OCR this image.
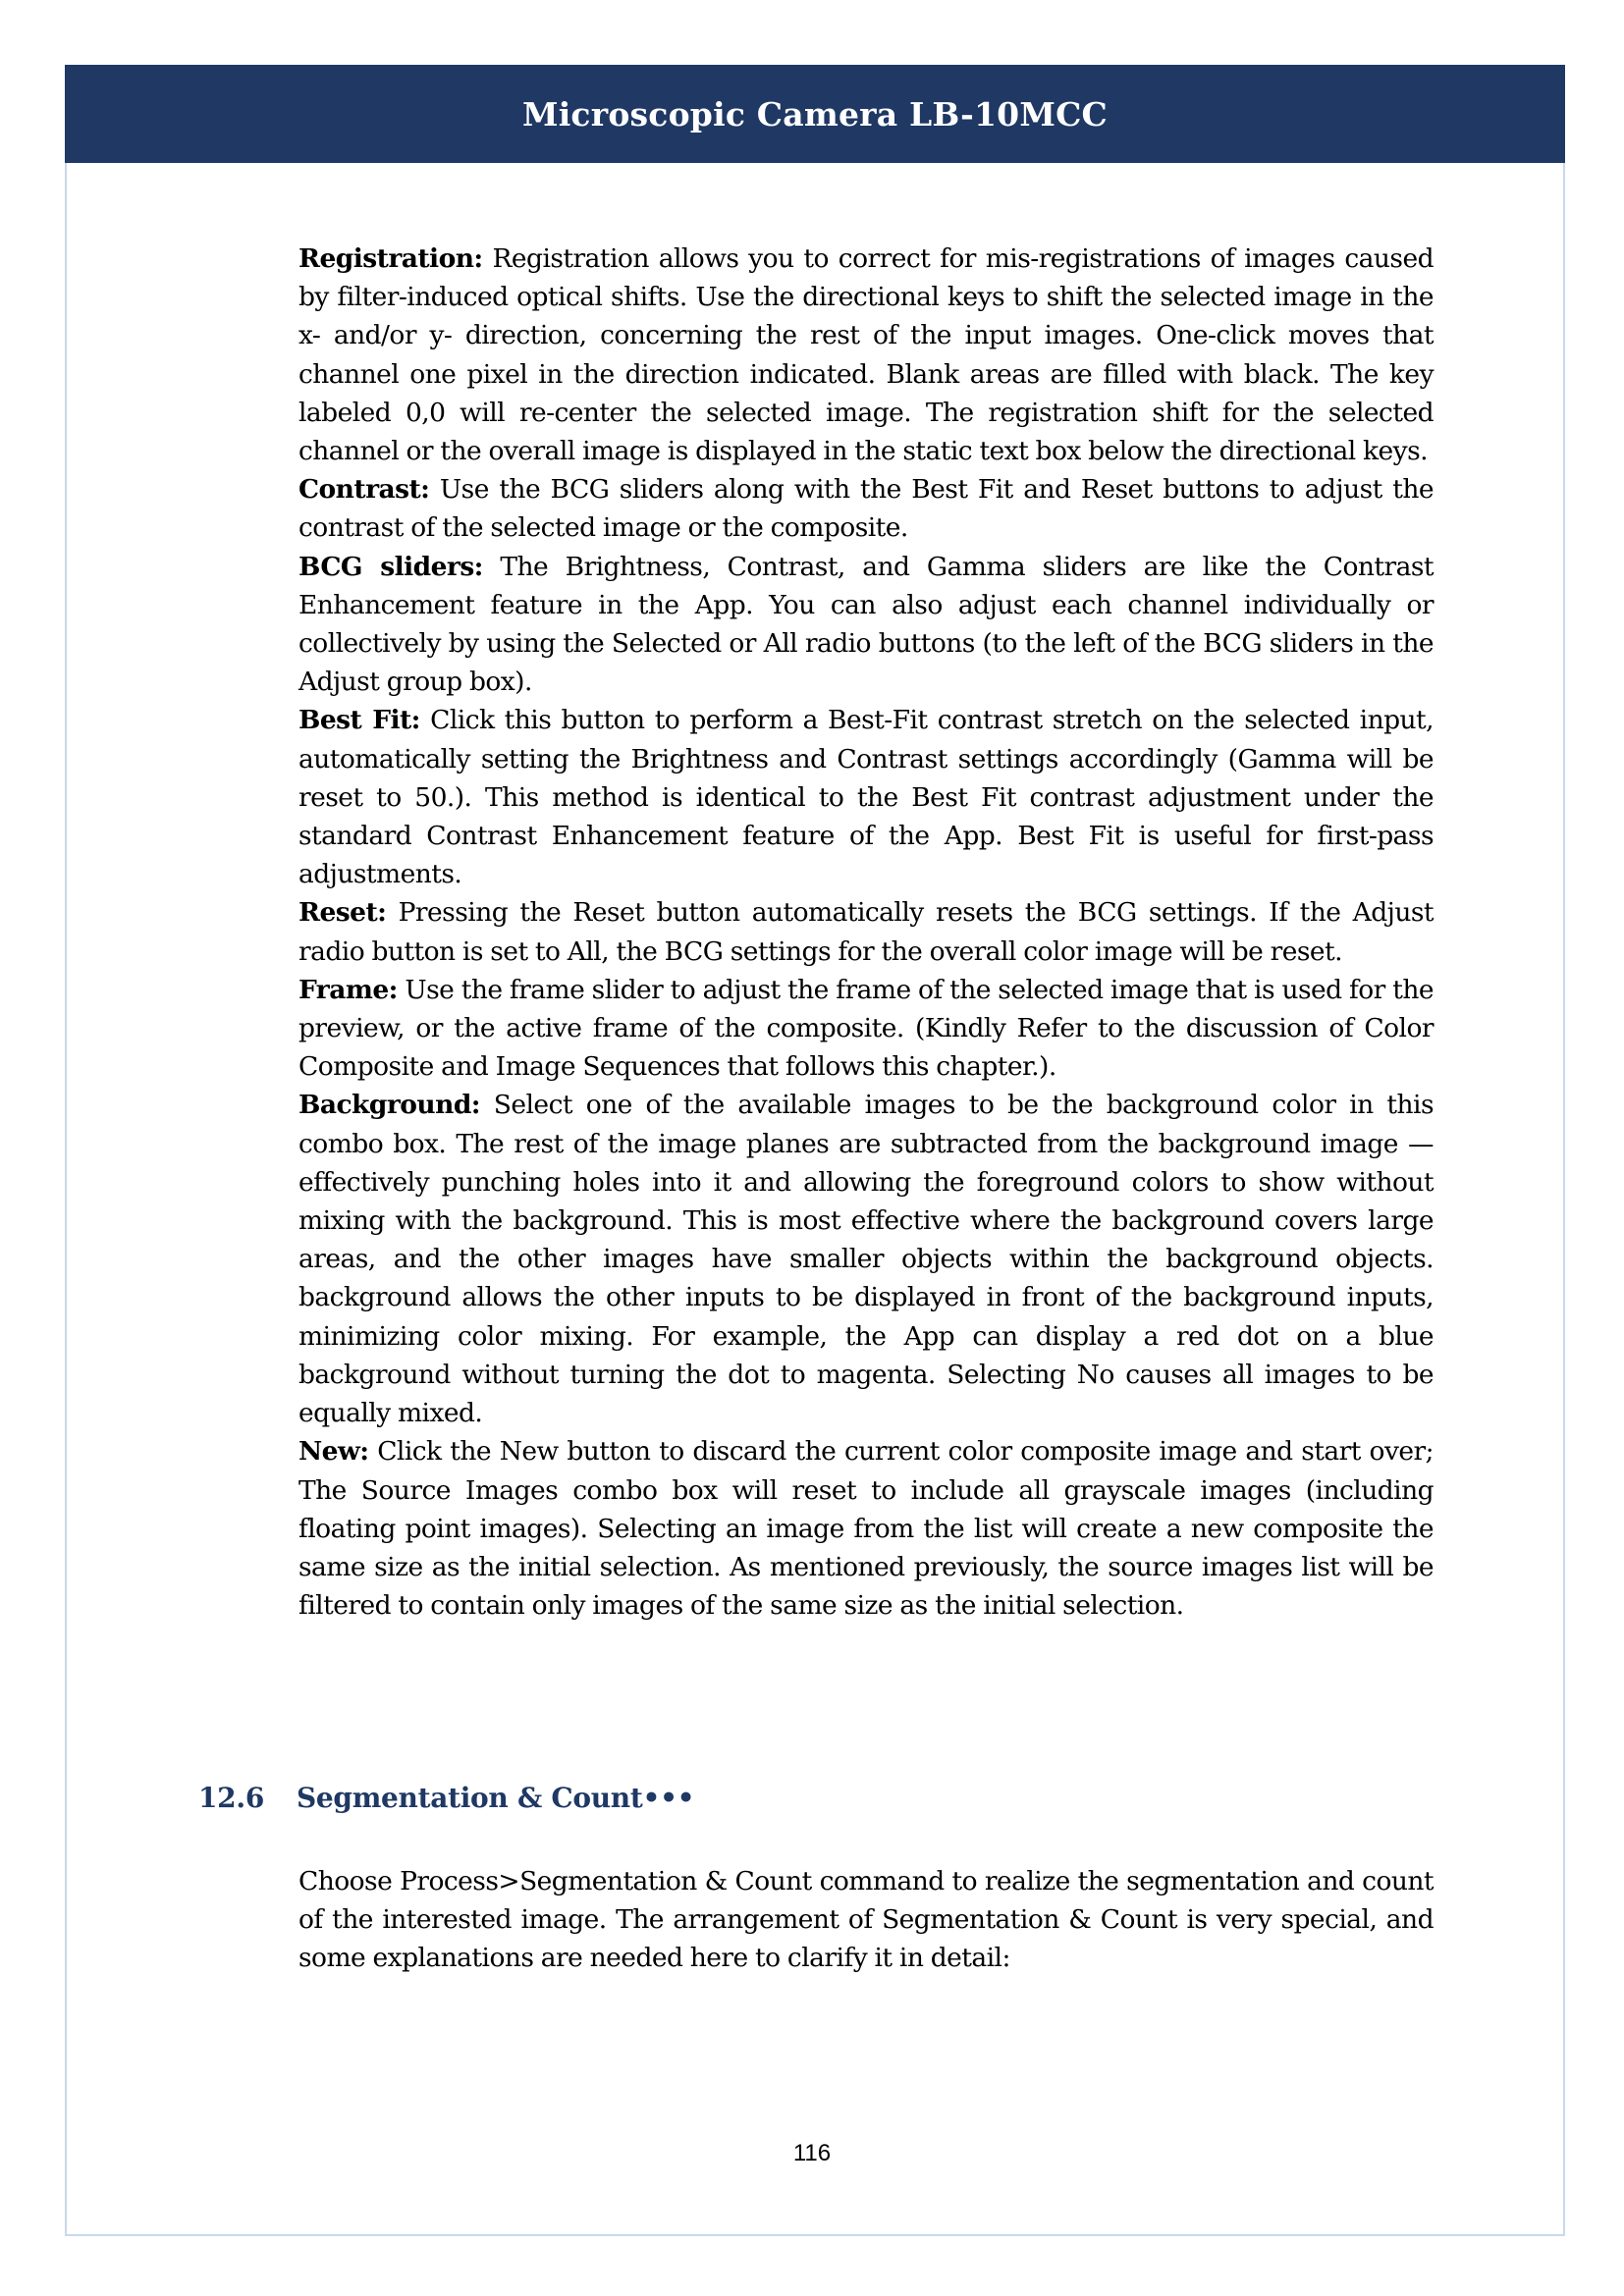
Microscopic Camera LB-10MCC

Registration: Registration allows you to correct for mis-registrations of images caused by filter-induced optical shifts. Use the directional keys to shift the selected image in the x- and/or y- direction, concerning the rest of the input images. One-click moves that channel one pixel in the direction indicated. Blank areas are filled with black. The key labeled 0,0 will re-center the selected image. The registration shift for the selected channel or the overall image is displayed in the static text box below the directional keys.

Contrast: Use the BCG sliders along with the Best Fit and Reset buttons to adjust the contrast of the selected image or the composite.

BCG sliders: The Brightness, Contrast, and Gamma sliders are like the Contrast Enhancement feature in the App. You can also adjust each channel individually or collectively by using the Selected or All radio buttons (to the left of the BCG sliders in the Adjust group box).

Best Fit: Click this button to perform a Best-Fit contrast stretch on the selected input, automatically setting the Brightness and Contrast settings accordingly (Gamma will be reset to 50.). This method is identical to the Best Fit contrast adjustment under the standard Contrast Enhancement feature of the App. Best Fit is useful for first-pass adjustments.

Reset: Pressing the Reset button automatically resets the BCG settings. If the Adjust radio button is set to All, the BCG settings for the overall color image will be reset.

Frame: Use the frame slider to adjust the frame of the selected image that is used for the preview, or the active frame of the composite. (Kindly Refer to the discussion of Color Composite and Image Sequences that follows this chapter.).

Background: Select one of the available images to be the background color in this combo box. The rest of the image planes are subtracted from the background image — effectively punching holes into it and allowing the foreground colors to show without mixing with the background. This is most effective where the background covers large areas, and the other images have smaller objects within the background objects. background allows the other inputs to be displayed in front of the background inputs, minimizing color mixing. For example, the App can display a red dot on a blue background without turning the dot to magenta. Selecting No causes all images to be equally mixed.

New: Click the New button to discard the current color composite image and start over; The Source Images combo box will reset to include all grayscale images (including floating point images). Selecting an image from the list will create a new composite the same size as the initial selection. As mentioned previously, the source images list will be filtered to contain only images of the same size as the initial selection.

12.6 Segmentation & Count•••
Choose Process>Segmentation & Count command to realize the segmentation and count of the interested image. The arrangement of Segmentation & Count is very special, and some explanations are needed here to clarify it in detail:
116
